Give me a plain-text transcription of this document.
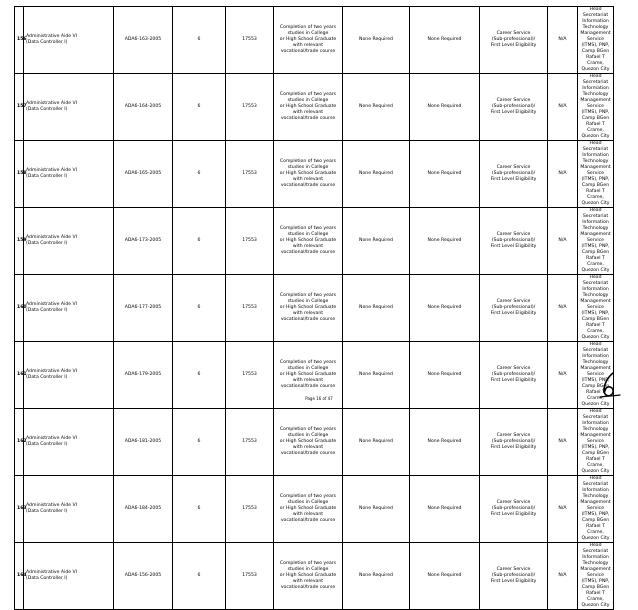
156	Administrative Aide VI
(Data Controller I)	ADA6-163-2005	6	17553	Completion of two years
studies in College
or High School Graduate
with relevant
vocational/trade course	None Required	None Required	Career Service
(Sub-professional)/
First Level Eligibility	N/A	Head Secretariat
Information Technology Management
Service (ITMS), PNP, Camp BGen
Rafael T Crame, Quezon City

157	Administrative Aide VI
(Data Controller I)	ADA6-164-2005	6	17553	Completion of two years
studies in College
or High School Graduate
with relevant
vocational/trade course	None Required	None Required	Career Service
(Sub-professional)/
First Level Eligibility	N/A	Head Secretariat
Information Technology Management
Service (ITMS), PNP, Camp BGen
Rafael T Crame, Quezon City

158	Administrative Aide VI
(Data Controller I)	ADA6-165-2005	6	17553	Completion of two years
studies in College
or High School Graduate
with relevant
vocational/trade course	None Required	None Required	Career Service
(Sub-professional)/
First Level Eligibility	N/A	Head Secretariat
Information Technology Management
Service (ITMS), PNP, Camp BGen
Rafael T Crame, Quezon City

159	Administrative Aide VI
(Data Controller I)	ADA6-173-2005	6	17553	Completion of two years
studies in College
or High School Graduate
with relevant
vocational/trade course	None Required	None Required	Career Service
(Sub-professional)/
First Level Eligibility	N/A	Head Secretariat
Information Technology Management
Service (ITMS), PNP, Camp BGen
Rafael T Crame, Quezon City

160	Administrative Aide VI
(Data Controller I)	ADA6-177-2005	6	17553	Completion of two years
studies in College
or High School Graduate
with relevant
vocational/trade course	None Required	None Required	Career Service
(Sub-professional)/
First Level Eligibility	N/A	Head Secretariat
Information Technology Management
Service (ITMS), PNP, Camp BGen
Rafael T Crame, Quezon City

161	Administrative Aide VI
(Data Controller I)	ADA6-179-2005	6	17553	Completion of two years
studies in College
or High School Graduate
with relevant
vocational/trade course	None Required	None Required	Career Service
(Sub-professional)/
First Level Eligibility	N/A	Head Secretariat
Information Technology Management
Service (ITMS), PNP, Camp BGen
Rafael T Crame, Quezon City

162	Administrative Aide VI
(Data Controller I)	ADA6-181-2005	6	17553	Completion of two years
studies in College
or High School Graduate
with relevant
vocational/trade course	None Required	None Required	Career Service
(Sub-professional)/
First Level Eligibility	N/A	Head Secretariat
Information Technology Management
Service (ITMS), PNP, Camp BGen
Rafael T Crame, Quezon City

163	Administrative Aide VI
(Data Controller I)	ADA6-184-2005	6	17553	Completion of two years
studies in College
or High School Graduate
with relevant
vocational/trade course	None Required	None Required	Career Service
(Sub-professional)/
First Level Eligibility	N/A	Head Secretariat
Information Technology Management
Service (ITMS), PNP, Camp BGen
Rafael T Crame, Quezon City

164	Administrative Aide VI
(Data Controller I)	ADA6-156-2005	6	17553	Completion of two years
studies in College
or High School Graduate
with relevant
vocational/trade course	None Required	None Required	Career Service
(Sub-professional)/
First Level Eligibility	N/A	Head Secretariat
Information Technology Management
Service (ITMS), PNP, Camp BGen
Rafael T Crame, Quezon City
Page 16 of 47
